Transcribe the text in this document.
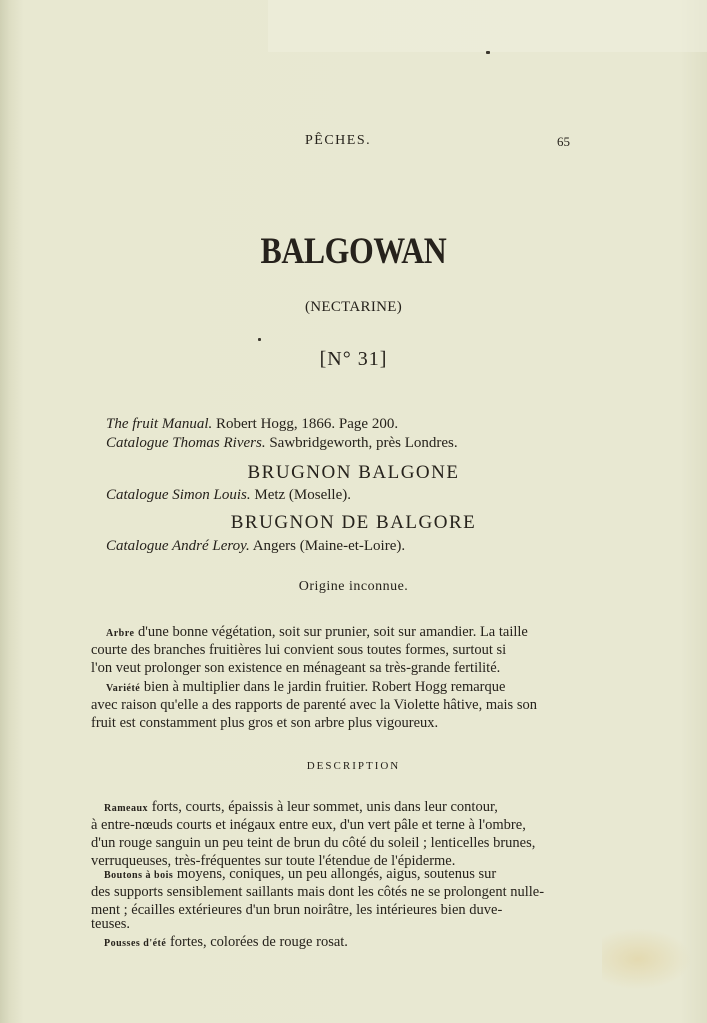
PÊCHES.	65
BALGOWAN
(NECTARINE)
[N° 31]
The fruit Manual. Robert Hogg, 1866. Page 200.
Catalogue Thomas Rivers. Sawbridgeworth, près Londres.
BRUGNON BALGONE
Catalogue Simon Louis. Metz (Moselle).
BRUGNON DE BALGORE
Catalogue André Leroy. Angers (Maine-et-Loire).
Origine inconnue.
Arbre d'une bonne végétation, soit sur prunier, soit sur amandier. La taille
courte des branches fruitières lui convient sous toutes formes, surtout si
l'on veut prolonger son existence en ménageant sa très-grande fertilité.
Variété bien à multiplier dans le jardin fruitier. Robert Hogg remarque
avec raison qu'elle a des rapports de parenté avec la Violette hâtive, mais son
fruit est constamment plus gros et son arbre plus vigoureux.
DESCRIPTION
Rameaux forts, courts, épaissis à leur sommet, unis dans leur contour,
à entre-nœuds courts et inégaux entre eux, d'un vert pâle et terne à l'ombre,
d'un rouge sanguin un peu teint de brun du côté du soleil ; lenticelles brunes,
verruqueuses, très-fréquentes sur toute l'étendue de l'épiderme.
Boutons à bois moyens, coniques, un peu allongés, aigus, soutenus sur
des supports sensiblement saillants mais dont les côtés ne se prolongent nulle-
ment ; écailles extérieures d'un brun noirâtre, les intérieures bien duve-
teuses.
Pousses d'été fortes, colorées de rouge rosat.
